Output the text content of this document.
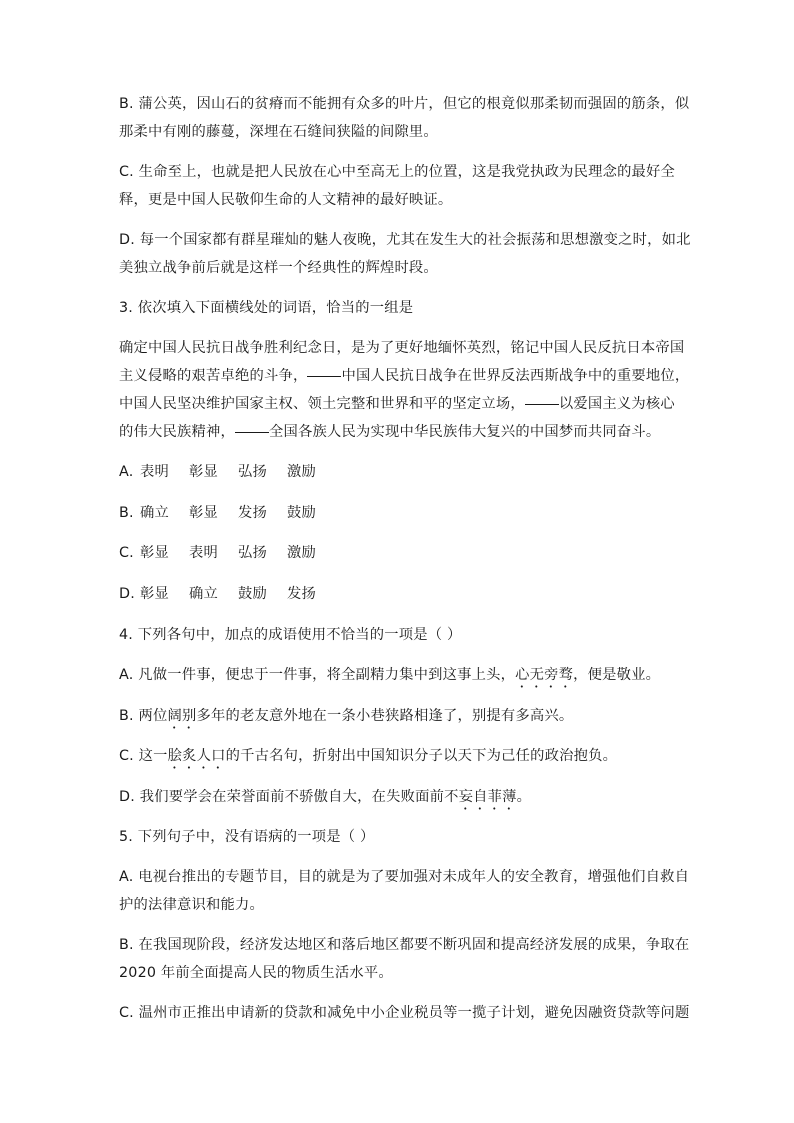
B. 蒲公英，因山石的贫瘠而不能拥有众多的叶片，但它的根竟似那柔韧而强固的筋条，似
那柔中有刚的藤蔓，深埋在石缝间狭隘的间隙里。
C. 生命至上，也就是把人民放在心中至高无上的位置，这是我党执政为民理念的最好全
释，更是中国人民敬仰生命的人文精神的最好映证。
D. 每一个国家都有群星璀灿的魅人夜晚，尤其在发生大的社会振荡和思想激变之时，如北
美独立战争前后就是这样一个经典性的辉煌时段。
3. 依次填入下面横线处的词语，恰当的一组是
确定中国人民抗日战争胜利纪念日，是为了更好地缅怀英烈，铭记中国人民反抗日本帝国
主义侵略的艰苦卓绝的斗争， 中国人民抗日战争在世界反法西斯战争中的重要地位，
中国人民坚决维护国家主权、领土完整和世界和平的坚定立场， 以爱国主义为核心
的伟大民族精神， 全国各族人民为实现中华民族伟大复兴的中国梦而共同奋斗。
A. 表明 彰显 弘扬 激励
B. 确立 彰显 发扬 鼓励
C. 彰显 表明 弘扬 激励
D. 彰显 确立 鼓励 发扬
4. 下列各句中，加点的成语使用不恰当的一项是（ ）
A. 凡做一件事，便忠于一件事，将全副精力集中到这事上头，心无旁骛，便是敬业。
B. 两位阔别多年的老友意外地在一条小巷狭路相逢了，别提有多高兴。
C. 这一脍炙人口的千古名句，折射出中国知识分子以天下为己任的政治抱负。
D. 我们要学会在荣誉面前不骄傲自大，在失败面前不妄自菲薄。
5. 下列句子中，没有语病的一项是（ ）
A. 电视台推出的专题节目，目的就是为了要加强对未成年人的安全教育，增强他们自救自
护的法律意识和能力。
B. 在我国现阶段，经济发达地区和落后地区都要不断巩固和提高经济发展的成果，争取在
2020 年前全面提高人民的物质生活水平。
C. 温州市正推出申请新的贷款和减免中小企业税员等一揽子计划，避免因融资贷款等问题
